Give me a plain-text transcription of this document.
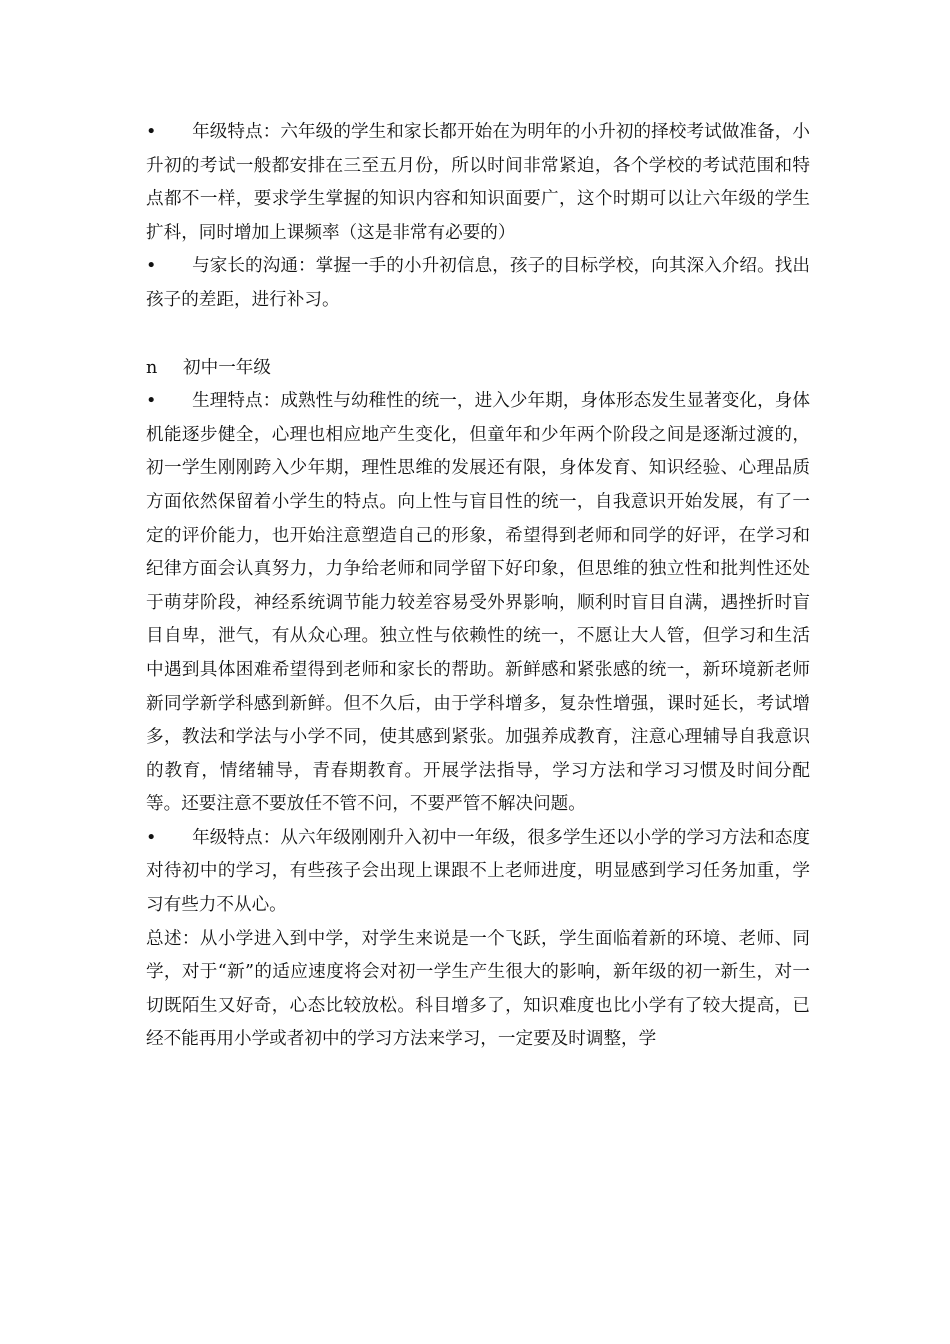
• 年级特点：六年级的学生和家长都开始在为明年的小升初的择校考试做准备，小升初的考试一般都安排在三至五月份，所以时间非常紧迫，各个学校的考试范围和特点都不一样，要求学生掌握的知识内容和知识面要广，这个时期可以让六年级的学生扩科，同时增加上课频率（这是非常有必要的）

• 与家长的沟通：掌握一手的小升初信息，孩子的目标学校，向其深入介绍。找出孩子的差距，进行补习。

n 初中一年级

• 生理特点：成熟性与幼稚性的统一，进入少年期，身体形态发生显著变化，身体机能逐步健全，心理也相应地产生变化，但童年和少年两个阶段之间是逐渐过渡的，初一学生刚刚跨入少年期，理性思维的发展还有限，身体发育、知识经验、心理品质方面依然保留着小学生的特点。向上性与盲目性的统一，自我意识开始发展，有了一定的评价能力，也开始注意塑造自己的形象，希望得到老师和同学的好评，在学习和纪律方面会认真努力，力争给老师和同学留下好印象，但思维的独立性和批判性还处于萌芽阶段，神经系统调节能力较差容易受外界影响，顺利时盲目自满，遇挫折时盲目自卑，泄气，有从众心理。独立性与依赖性的统一，不愿让大人管，但学习和生活中遇到具体困难希望得到老师和家长的帮助。新鲜感和紧张感的统一，新环境新老师新同学新学科感到新鲜。但不久后，由于学科增多，复杂性增强，课时延长，考试增多，教法和学法与小学不同，使其感到紧张。加强养成教育，注意心理辅导自我意识的教育，情绪辅导，青春期教育。开展学法指导，学习方法和学习习惯及时间分配等。还要注意不要放任不管不问，不要严管不解决问题。

• 年级特点：从六年级刚刚升入初中一年级，很多学生还以小学的学习方法和态度对待初中的学习，有些孩子会出现上课跟不上老师进度，明显感到学习任务加重，学习有些力不从心。

总述：从小学进入到中学，对学生来说是一个飞跃，学生面临着新的环境、老师、同学，对于“新”的适应速度将会对初一学生产生很大的影响，新年级的初一新生，对一切既陌生又好奇，心态比较放松。科目增多了，知识难度也比小学有了较大提高，已经不能再用小学或者初中的学习方法来学习，一定要及时调整，学
